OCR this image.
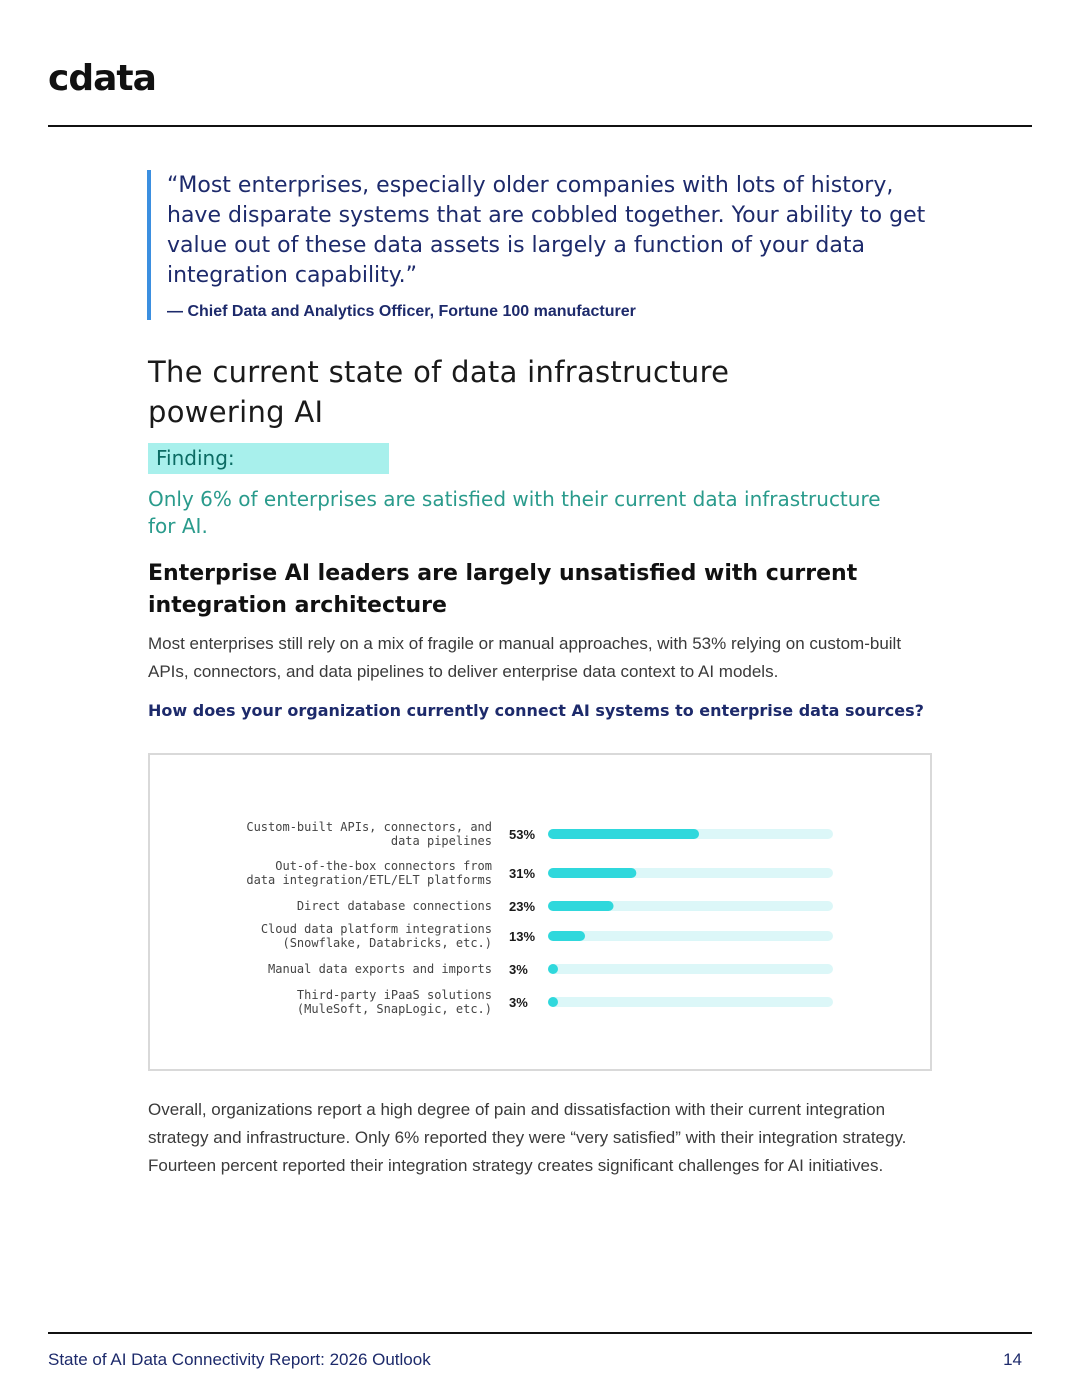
cdata

“Most enterprises, especially older companies with lots of history, have disparate systems that are cobbled together. Your ability to get value out of these data assets is largely a function of your data integration capability.”

— Chief Data and Analytics Officer, Fortune 100 manufacturer

The current state of data infrastructure powering AI
Finding:

Only 6% of enterprises are satisfied with their current data infrastructure for AI.

Enterprise AI leaders are largely unsatisfied with current integration architecture

Most enterprises still rely on a mix of fragile or manual approaches, with 53% relying on custom-built APIs, connectors, and data pipelines to deliver enterprise data context to AI models.

How does your organization currently connect AI systems to enterprise data sources?

Custom-built APIs, connectors, and data pipelines 53%
Out-of-the-box connectors from data integration/ETL/ELT platforms 31%
Direct database connections 23%
Cloud data platform integrations (Snowflake, Databricks, etc.) 13%
Manual data exports and imports 3%
Third-party iPaaS solutions (MuleSoft, SnapLogic, etc.) 3%

Overall, organizations report a high degree of pain and dissatisfaction with their current integration strategy and infrastructure. Only 6% reported they were “very satisfied” with their integration strategy. Fourteen percent reported their integration strategy creates significant challenges for AI initiatives.

State of AI Data Connectivity Report: 2026 Outlook	14
